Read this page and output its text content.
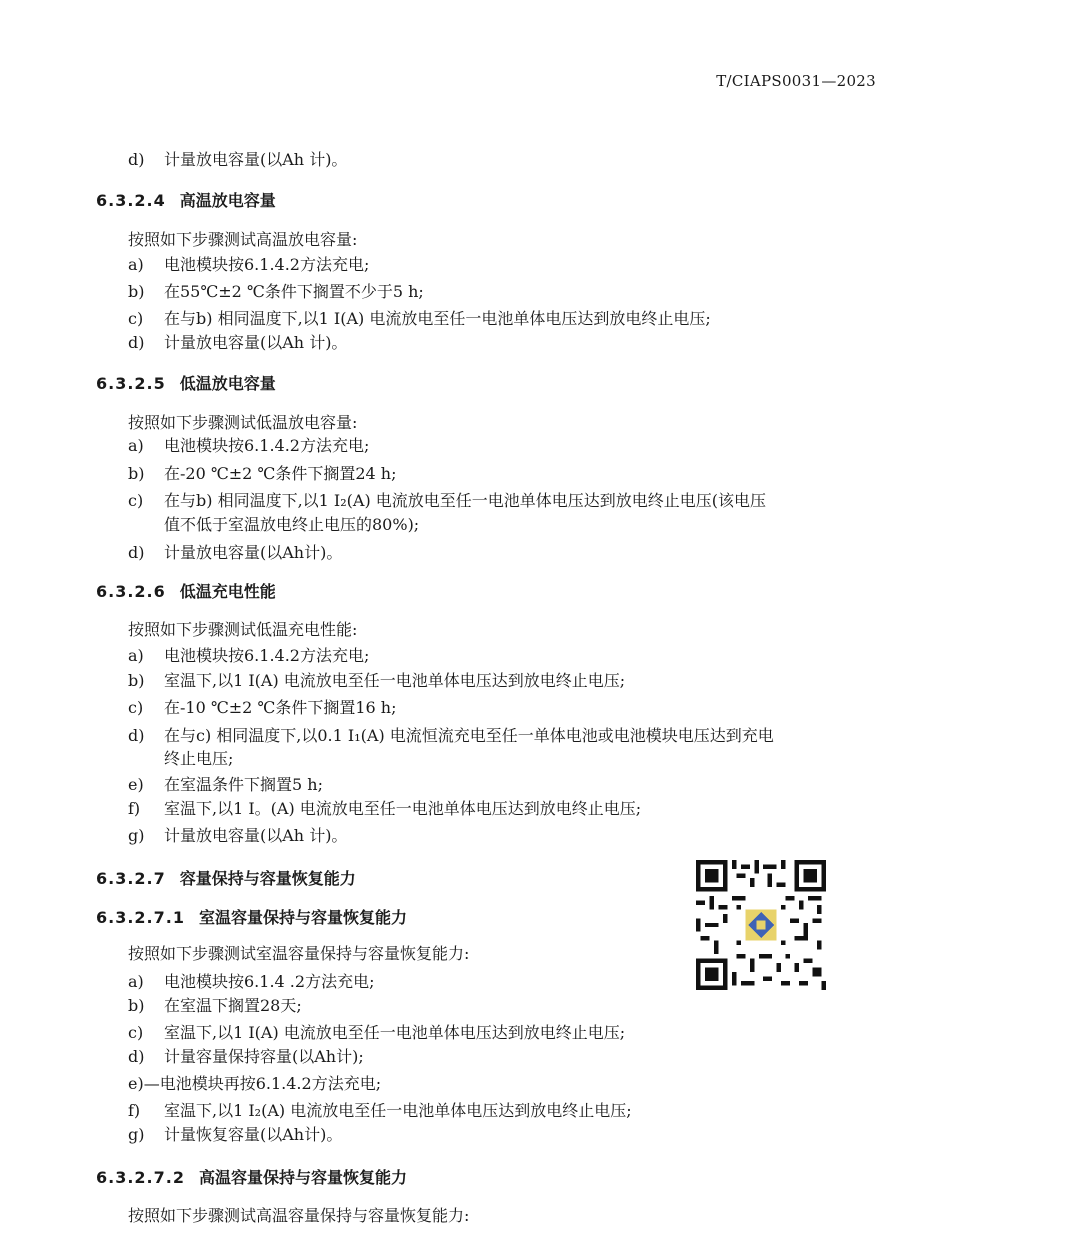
T/CIAPS0031—2023
d) 计量放电容量(以Ah 计)。
6.3.2.4 高温放电容量
按照如下步骤测试高温放电容量:
a) 电池模块按6.1.4.2方法充电;
b) 在55℃±2 ℃条件下搁置不少于5 h;
c) 在与b) 相同温度下,以1 I(A) 电流放电至任一电池单体电压达到放电终止电压;
d) 计量放电容量(以Ah 计)。
6.3.2.5 低温放电容量
按照如下步骤测试低温放电容量:
a) 电池模块按6.1.4.2方法充电;
b) 在-20 ℃±2 ℃条件下搁置24 h;
c) 在与b) 相同温度下,以1 I₂(A) 电流放电至任一电池单体电压达到放电终止电压(该电压
值不低于室温放电终止电压的80%);
d) 计量放电容量(以Ah计)。
6.3.2.6 低温充电性能
按照如下步骤测试低温充电性能:
a) 电池模块按6.1.4.2方法充电;
b) 室温下,以1 I(A) 电流放电至任一电池单体电压达到放电终止电压;
c) 在-10 ℃±2 ℃条件下搁置16 h;
d) 在与c) 相同温度下,以0.1 I₁(A) 电流恒流充电至任一单体电池或电池模块电压达到充电
终止电压;
e) 在室温条件下搁置5 h;
f) 室温下,以1 I。(A) 电流放电至任一电池单体电压达到放电终止电压;
g) 计量放电容量(以Ah 计)。
6.3.2.7 容量保持与容量恢复能力
6.3.2.7.1 室温容量保持与容量恢复能力
按照如下步骤测试室温容量保持与容量恢复能力:
a) 电池模块按6.1.4 .2方法充电;
b) 在室温下搁置28天;
c) 室温下,以1 I(A) 电流放电至任一电池单体电压达到放电终止电压;
d) 计量容量保持容量(以Ah计);
e)—电池模块再按6.1.4.2方法充电;
f) 室温下,以1 I₂(A) 电流放电至任一电池单体电压达到放电终止电压;
g) 计量恢复容量(以Ah计)。
6.3.2.7.2 高温容量保持与容量恢复能力
按照如下步骤测试高温容量保持与容量恢复能力:
